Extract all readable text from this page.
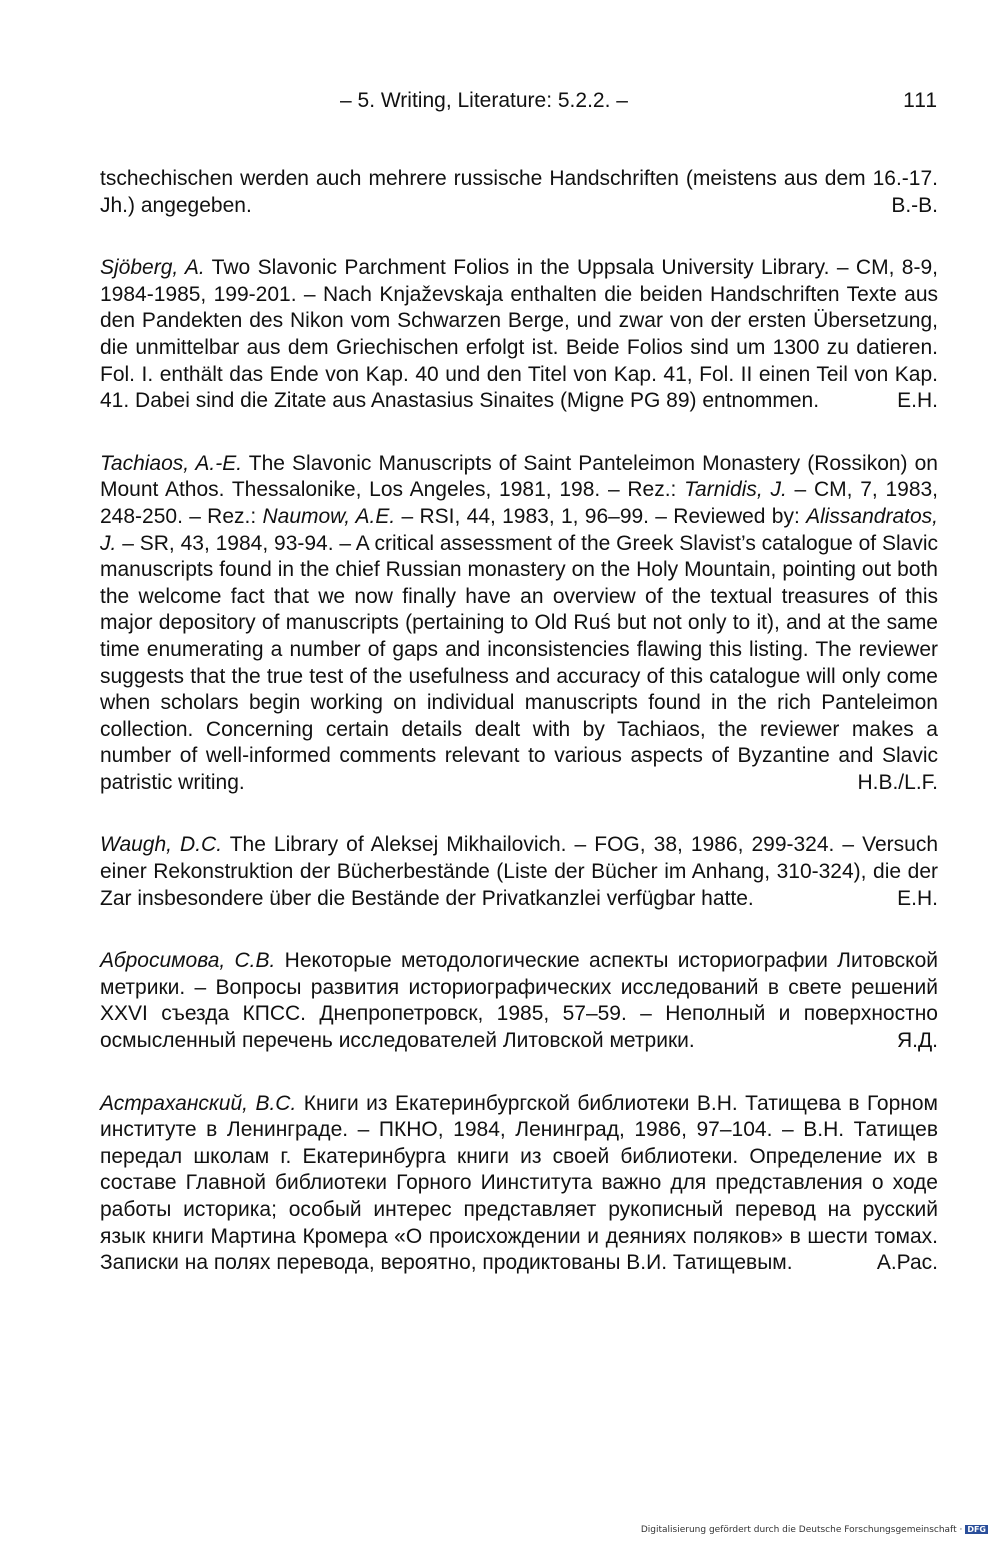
– 5. Writing, Literature: 5.2.2. –	111

tschechischen werden auch mehrere russische Handschriften (meistens aus dem 16.-17. Jh.) angegeben.	B.-B.

Sjöberg, A. Two Slavonic Parchment Folios in the Uppsala University Library. – CM, 8-9, 1984-1985, 199-201. – Nach Knjaževskaja enthalten die beiden Handschriften Texte aus den Pandekten des Nikon vom Schwarzen Berge, und zwar von der ersten Übersetzung, die unmittelbar aus dem Griechischen erfolgt ist. Beide Folios sind um 1300 zu datieren. Fol. I. enthält das Ende von Kap. 40 und den Titel von Kap. 41, Fol. II einen Teil von Kap. 41. Dabei sind die Zitate aus Anastasius Sinaites (Migne PG 89) entnommen.	E.H.

Tachiaos, A.-E. The Slavonic Manuscripts of Saint Panteleimon Monastery (Rossikon) on Mount Athos. Thessalonike, Los Angeles, 1981, 198. – Rez.: Tarnidis, J. – CM, 7, 1983, 248-250. – Rez.: Naumow, A.E. – RSI, 44, 1983, 1, 96–99. – Reviewed by: Alissandratos, J. – SR, 43, 1984, 93-94. – A critical assessment of the Greek Slavist’s catalogue of Slavic manuscripts found in the chief Russian monastery on the Holy Mountain, pointing out both the welcome fact that we now finally have an overview of the textual treasures of this major depository of manuscripts (pertaining to Old Ruś but not only to it), and at the same time enumerating a number of gaps and inconsistencies flawing this listing. The reviewer suggests that the true test of the usefulness and accuracy of this catalogue will only come when scholars begin working on individual manuscripts found in the rich Panteleimon collection. Concerning certain details dealt with by Tachiaos, the reviewer makes a number of well-informed comments relevant to various aspects of Byzantine and Slavic patristic writing.	H.B./L.F.

Waugh, D.C. The Library of Aleksej Mikhailovich. – FOG, 38, 1986, 299-324. – Versuch einer Rekonstruktion der Bücherbestände (Liste der Bücher im Anhang, 310-324), die der Zar insbesondere über die Bestände der Privatkanzlei verfügbar hatte.	E.H.

Абросимова, С.В. Некоторые методологические аспекты историографии Литовской метрики. – Вопросы развития историографических исследований в свете решений XXVI съезда КПСС. Днепропетровск, 1985, 57–59. – Неполный и поверхностно осмысленный перечень исследователей Литовской метрики.	Я.Д.

Астраханский, В.С. Книги из Екатеринбургской библиотеки В.Н. Татищева в Горном институте в Ленинграде. – ПКНО, 1984, Ленинград, 1986, 97–104. – В.Н. Татищев передал школам г. Екатеринбурга книги из своей библиотеки. Определение их в составе Главной библиотеки Горного Иинститута важно для представления о ходе работы историка; особый интерес представляет рукописный перевод на русский язык книги Мартина Кромера «О происхождении и деяниях поляков» в шести томах. Записки на полях перевода, вероятно, продиктованы В.И. Татищевым.	А.Рас.

Digitalisierung gefördert durch die Deutsche Forschungsgemeinschaft · DFG
